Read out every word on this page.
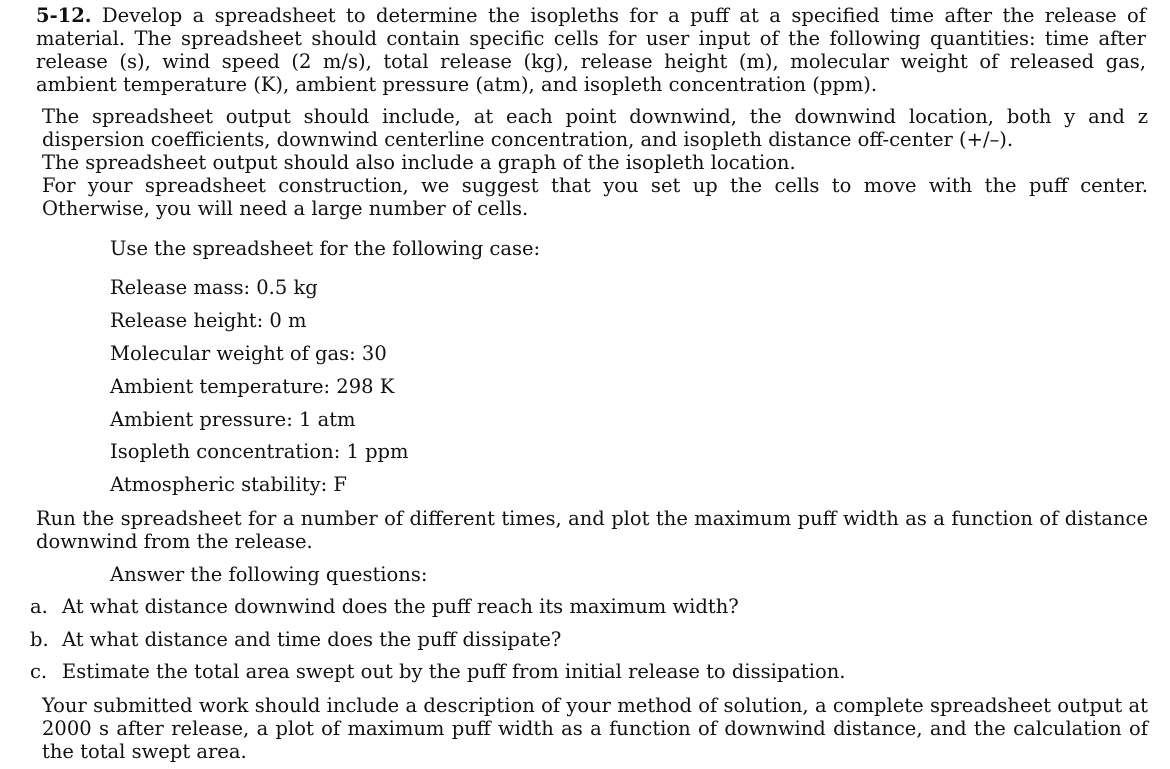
5-12. Develop a spreadsheet to determine the isopleths for a puff at a specified time after the release of material. The spreadsheet should contain specific cells for user input of the following quantities: time after release (s), wind speed (2 m/s), total release (kg), release height (m), molecular weight of released gas, ambient temperature (K), ambient pressure (atm), and isopleth concentration (ppm).

The spreadsheet output should include, at each point downwind, the downwind location, both y and z dispersion coefficients, downwind centerline concentration, and isopleth distance off-center (+/–).

The spreadsheet output should also include a graph of the isopleth location.

For your spreadsheet construction, we suggest that you set up the cells to move with the puff center. Otherwise, you will need a large number of cells.

Use the spreadsheet for the following case:

Release mass: 0.5 kg

Release height: 0 m

Molecular weight of gas: 30

Ambient temperature: 298 K

Ambient pressure: 1 atm

Isopleth concentration: 1 ppm

Atmospheric stability: F

Run the spreadsheet for a number of different times, and plot the maximum puff width as a function of distance downwind from the release.

Answer the following questions:

a. At what distance downwind does the puff reach its maximum width?
b. At what distance and time does the puff dissipate?
c. Estimate the total area swept out by the puff from initial release to dissipation.

Your submitted work should include a description of your method of solution, a complete spreadsheet output at 2000 s after release, a plot of maximum puff width as a function of downwind distance, and the calculation of the total swept area.
